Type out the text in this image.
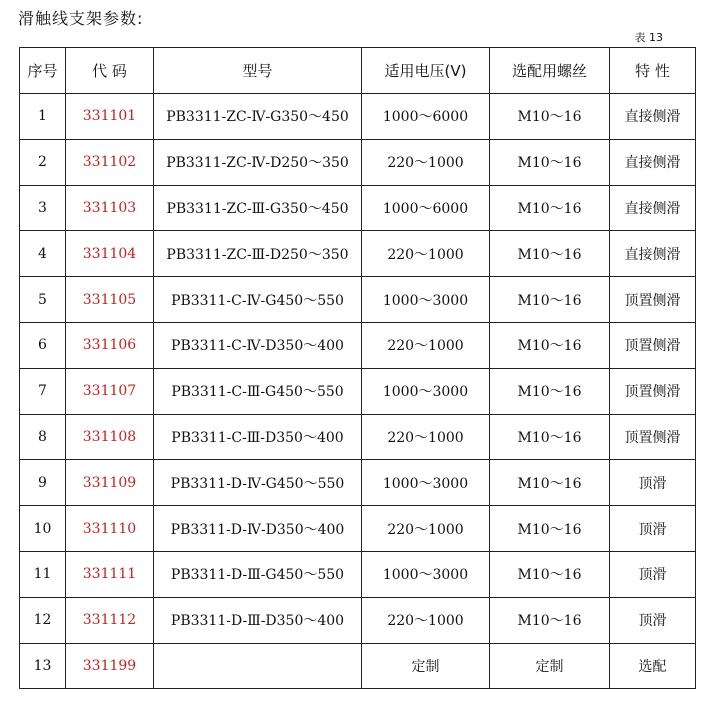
滑触线支架参数:
表 13
序号	代 码	型号	适用电压(V)	选配用螺丝	特 性
1	331101	PB3311-ZC-Ⅳ-G350～450	1000～6000	M10～16	直接侧滑
2	331102	PB3311-ZC-Ⅳ-D250～350	220～1000	M10～16	直接侧滑
3	331103	PB3311-ZC-Ⅲ-G350～450	1000～6000	M10～16	直接侧滑
4	331104	PB3311-ZC-Ⅲ-D250～350	220～1000	M10～16	直接侧滑
5	331105	PB3311-C-Ⅳ-G450～550	1000～3000	M10～16	顶置侧滑
6	331106	PB3311-C-Ⅳ-D350～400	220～1000	M10～16	顶置侧滑
7	331107	PB3311-C-Ⅲ-G450～550	1000～3000	M10～16	顶置侧滑
8	331108	PB3311-C-Ⅲ-D350～400	220～1000	M10～16	顶置侧滑
9	331109	PB3311-D-Ⅳ-G450～550	1000～3000	M10～16	顶滑
10	331110	PB3311-D-Ⅳ-D350～400	220～1000	M10～16	顶滑
11	331111	PB3311-D-Ⅲ-G450～550	1000～3000	M10～16	顶滑
12	331112	PB3311-D-Ⅲ-D350～400	220～1000	M10～16	顶滑
13	331199		定制	定制	选配
